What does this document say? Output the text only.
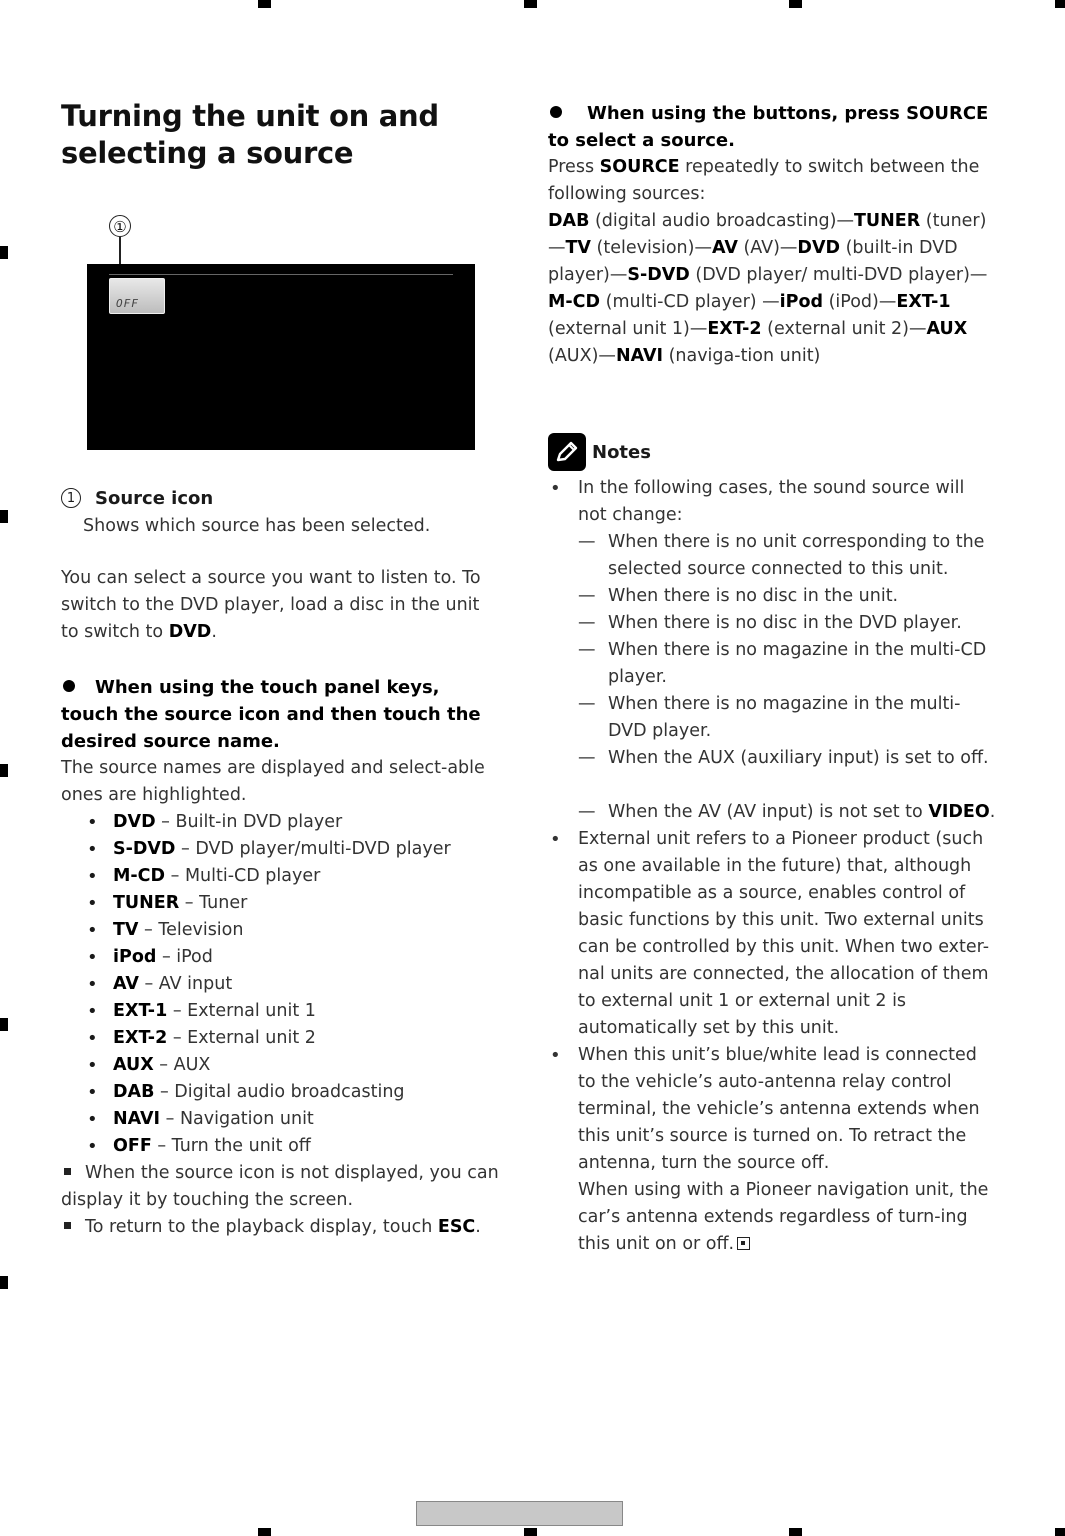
Turning the unit on and selecting a source
①
OFF
1 Source icon
Shows which source has been selected.

You can select a source you want to listen to. To switch to the DVD player, load a disc in the unit to switch to DVD.

When using the touch panel keys, touch the source icon and then touch the desired source name.

The source names are displayed and select-able ones are highlighted.

• DVD – Built-in DVD player
• S-DVD – DVD player/multi-DVD player
• M-CD – Multi-CD player
• TUNER – Tuner
• TV – Television
• iPod – iPod
• AV – AV input
• EXT-1 – External unit 1
• EXT-2 – External unit 2
• AUX – AUX
• DAB – Digital audio broadcasting
• NAVI – Navigation unit
• OFF – Turn the unit off

When the source icon is not displayed, you can display it by touching the screen.

To return to the playback display, touch ESC.

When using the buttons, press SOURCE to select a source.

Press SOURCE repeatedly to switch between the following sources:

DAB (digital audio broadcasting)—TUNER (tuner)—TV (television)—AV (AV)—DVD (built-in DVD player)—S-DVD (DVD player/ multi-DVD player)—M-CD (multi-CD player) —iPod (iPod)—EXT-1 (external unit 1)—EXT-2 (external unit 2)—AUX (AUX)—NAVI (naviga-tion unit)

Notes
• In the following cases, the sound source will not change:
— When there is no unit corresponding to the selected source connected to this unit.
— When there is no disc in the unit.
— When there is no disc in the DVD player.
— When there is no magazine in the multi-CD player.
— When there is no magazine in the multi-DVD player.
— When the AUX (auxiliary input) is set to off.
— When the AV (AV input) is not set to VIDEO.
• External unit refers to a Pioneer product (such as one available in the future) that, although incompatible as a source, enables control of basic functions by this unit. Two external units can be controlled by this unit. When two exter-nal units are connected, the allocation of them to external unit 1 or external unit 2 is automatically set by this unit.
• When this unit’s blue/white lead is connected to the vehicle’s auto-antenna relay control terminal, the vehicle’s antenna extends when this unit’s source is turned on. To retract the antenna, turn the source off.
When using with a Pioneer navigation unit, the car’s antenna extends regardless of turn-ing this unit on or off.
